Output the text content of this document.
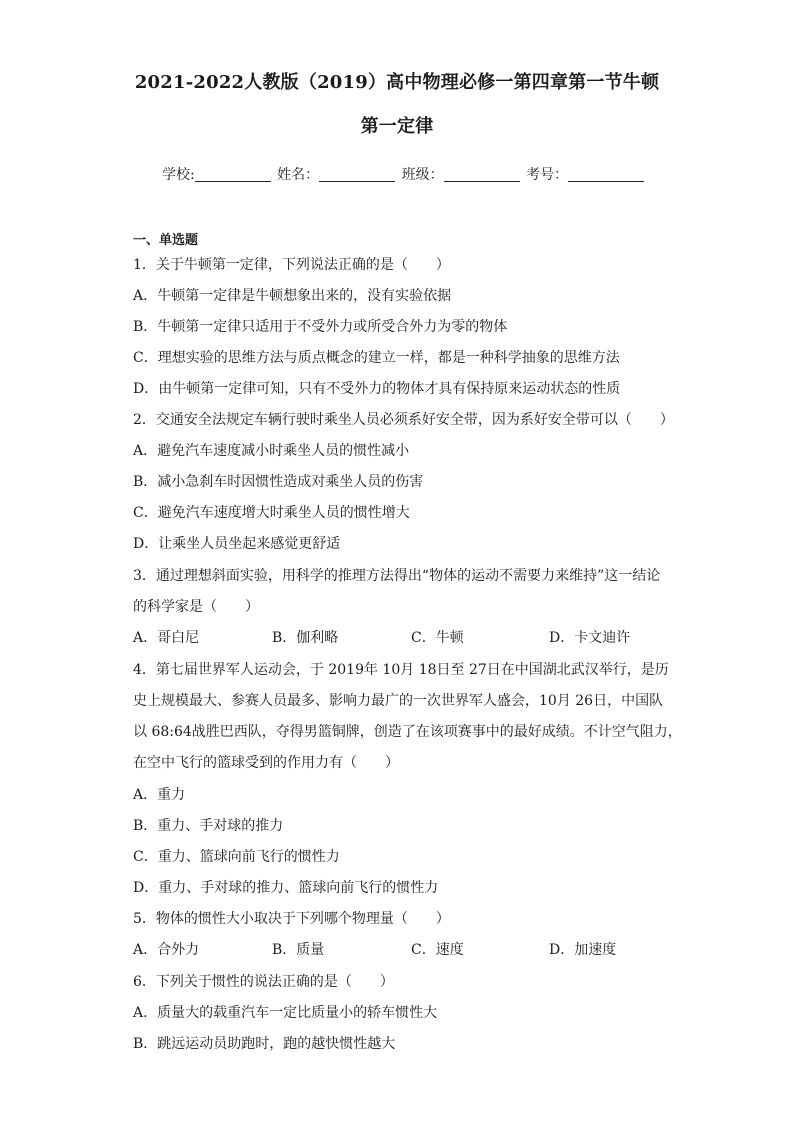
2021-2022人教版（2019）高中物理必修一第四章第一节牛顿
第一定律
学校:	姓名：	班级：	考号：
一、单选题
1．关于牛顿第一定律，下列说法正确的是（　　）
A．牛顿第一定律是牛顿想象出来的，没有实验依据
B．牛顿第一定律只适用于不受外力或所受合外力为零的物体
C．理想实验的思维方法与质点概念的建立一样，都是一种科学抽象的思维方法
D．由牛顿第一定律可知，只有不受外力的物体才具有保持原来运动状态的性质
2．交通安全法规定车辆行驶时乘坐人员必须系好安全带，因为系好安全带可以（　　）
A．避免汽车速度减小时乘坐人员的惯性减小
B．减小急刹车时因惯性造成对乘坐人员的伤害
C．避免汽车速度增大时乘坐人员的惯性增大
D．让乘坐人员坐起来感觉更舒适
3．通过理想斜面实验，用科学的推理方法得出“物体的运动不需要力来维持”这一结论
的科学家是（　　）
A．哥白尼	B．伽利略	C．牛顿	D．卡文迪许
4．第七届世界军人运动会，于 2019年 10月 18日至 27日在中国湖北武汉举行，是历
史上规模最大、参赛人员最多、影响力最广的一次世界军人盛会，10月 26日，中国队
以 68:64战胜巴西队，夺得男篮铜牌，创造了在该项赛事中的最好成绩。不计空气阻力，
在空中飞行的篮球受到的作用力有（　　）
A．重力
B．重力、手对球的推力
C．重力、篮球向前飞行的惯性力
D．重力、手对球的推力、篮球向前飞行的惯性力
5．物体的惯性大小取决于下列哪个物理量（　　）
A．合外力	B．质量	C．速度	D．加速度
6．下列关于惯性的说法正确的是（　　）
A．质量大的载重汽车一定比质量小的轿车惯性大
B．跳远运动员助跑时，跑的越快惯性越大
